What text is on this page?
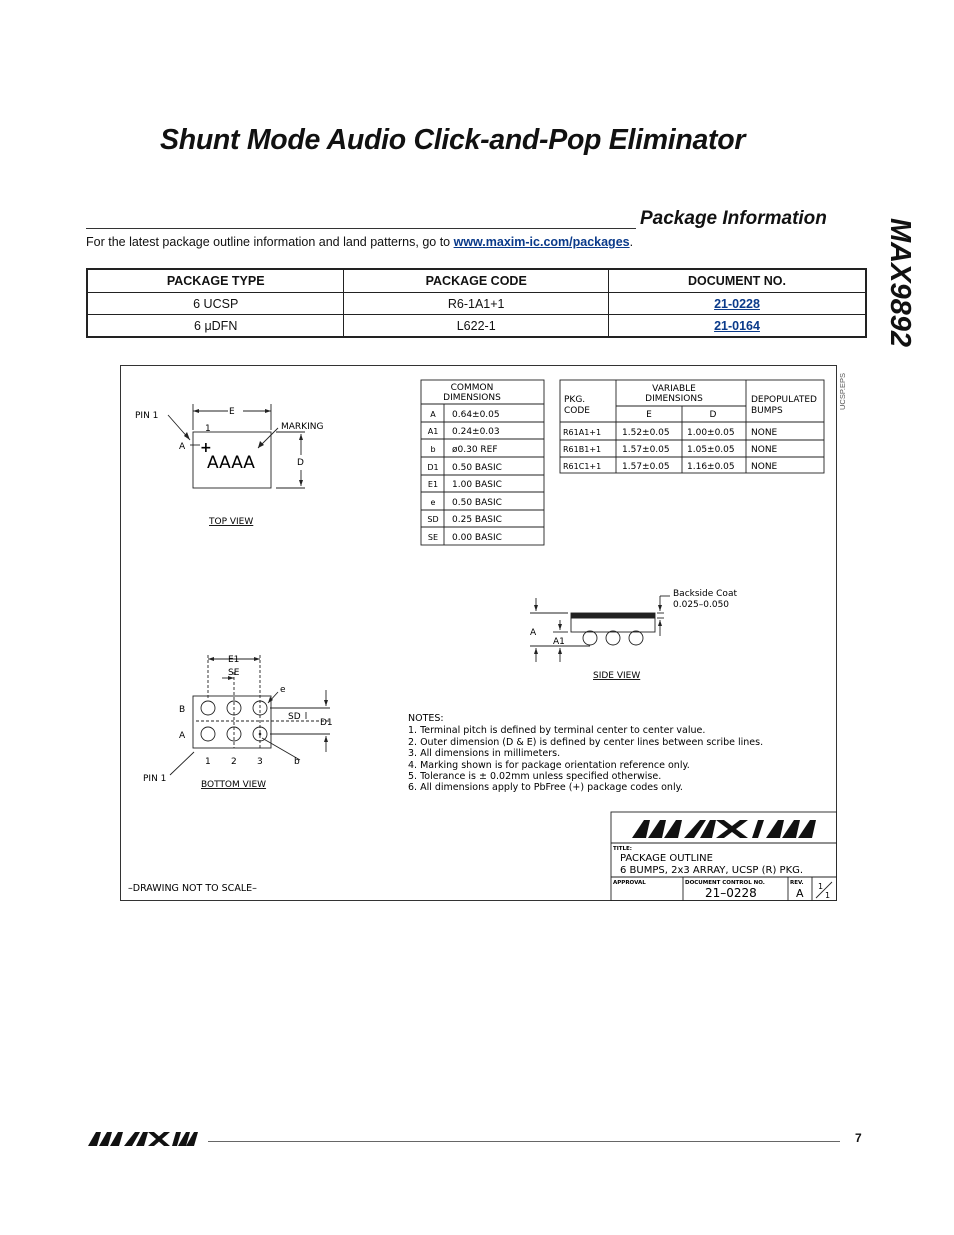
Shunt Mode Audio Click-and-Pop Eliminator
MAX9892
Package Information
For the latest package outline information and land patterns, go to www.maxim-ic.com/packages.
PACKAGE TYPE	PACKAGE CODE	DOCUMENT NO.
6 UCSP	R6-1A1+1	21-0228
6 μDFN	L622-1	21-0164
UCSP.EPS
+
PIN 1
A
E
1	MARKING
AAAA	D
TOP VIEW
COMMON
DIMENSIONS
A 0.64±0.05
A1 0.24±0.03
b ø0.30 REF
D1 0.50 BASIC
E1 1.00 BASIC
e 0.50 BASIC
SD 0.25 BASIC
SE 0.00 BASIC
PKG.
CODE
VARIABLE
DIMENSIONS
E	D
DEPOPULATED
BUMPS
R61A1+1 1.52±0.05 1.00±0.05 NONE
R61B1+1 1.57±0.05 1.05±0.05 NONE
R61C1+1 1.57±0.05 1.16±0.05 NONE
Backside Coat
0.025–0.050
A
A1
SIDE VIEW
E1
SE
e
SD
D1
B
A
1 2 3	b
PIN 1
BOTTOM VIEW
NOTES:
1. Terminal pitch is defined by terminal center to center value.
2. Outer dimension (D & E) is defined by center lines between scribe lines.
3. All dimensions in millimeters.
4. Marking shown is for package orientation reference only.
5. Tolerance is ± 0.02mm unless specified otherwise.
6. All dimensions apply to PbFree (+) package codes only.
–DRAWING NOT TO SCALE–
TITLE:
PACKAGE OUTLINE
6 BUMPS, 2x3 ARRAY, UCSP (R) PKG.
APPROVAL	DOCUMENT CONTROL NO.
21–0228
REV.
A
1
1
7
